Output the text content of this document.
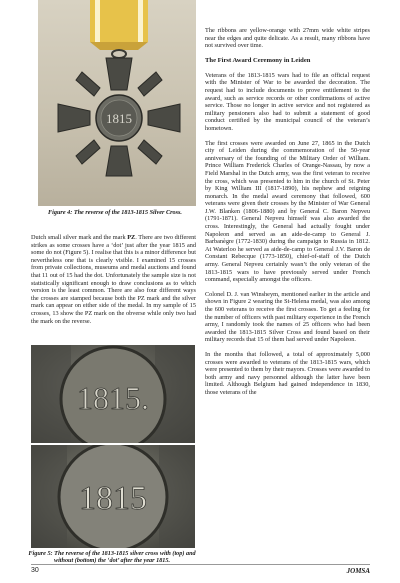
1815
Figure 4: The reverse of the 1813-1815 Silver Cross.

Dutch small silver mark and the mark PZ. There are two different strikes as some crosses have a ‘dot’ just after the year 1815 and some do not (Figure 5). I realise that this is a minor difference but nevertheless one that is clearly visible. I examined 15 crosses from private collections, museums and medal auctions and found that 11 out of 15 had the dot. Unfortunately the sample size is not statistically significant enough to draw conclusions as to which version is the least common. There are also four different ways the crosses are stamped because both the PZ mark and the silver mark can appear on either side of the medal. In my sample of 15 crosses, 13 show the PZ mark on the obverse while only two had the mark on the reverse.

1815.
1815
Figure 5: The reverse of the 1813-1815 silver cross with (top) and without (bottom) the ‘dot’ after the year 1815.

The ribbons are yellow-orange with 27mm wide white stripes near the edges and quite delicate. As a result, many ribbons have not survived over time.

The First Award Ceremony in Leiden

Veterans of the 1813-1815 wars had to file an official request with the Minister of War to be awarded the decoration. The request had to include documents to prove entitlement to the award, such as service records or other confirmations of active service. Those no longer in active service and not registered as military pensioners also had to submit a statement of good conduct certified by the municipal council of the veteran’s hometown.

The first crosses were awarded on June 27, 1865 in the Dutch city of Leiden during the commemoration of the 50-year anniversary of the founding of the Military Order of William. Prince William Frederick Charles of Orange-Nassau, by now a Field Marshal in the Dutch army, was the first veteran to receive the cross, which was presented to him in the church of St. Peter by King William III (1817-1890), his nephew and reigning monarch. In the medal award ceremony that followed, 600 veterans were given their crosses by the Minister of War General J.W. Blanken (1806-1880) and by General C. Baron Nepveu (1791-1871). General Nepveu himself was also awarded the cross. Interestingly, the General had actually fought under Napoleon and served as an aide-de-camp to General J. Barbanègre (1772-1830) during the campaign to Russia in 1812. At Waterloo he served as aide-de-camp to General J.V. Baron de Constant Rebecque (1773-1850), chief-of-staff of the Dutch army. General Nepveu certainly wasn’t the only veteran of the 1813-1815 wars to have previously served under French command, especially amongst the officers.

Colonel D. J. van Winsheym, mentioned earlier in the article and shown in Figure 2 wearing the St-Helena medal, was also among the 600 veterans to receive the first crosses. To get a feeling for the number of officers with past military experience in the French army, I randomly took the names of 25 officers who had been awarded the 1813-1815 Silver Cross and found based on their military records that 15 of them had served under Napoleon.

In the months that followed, a total of approximately 5,000 crosses were awarded to veterans of the 1813-1815 wars, which were presented to them by their mayors. Crosses were awarded to both army and navy personnel although the latter have been limited. Although Belgium had gained independence in 1830, those veterans of the

30	JOMSA
